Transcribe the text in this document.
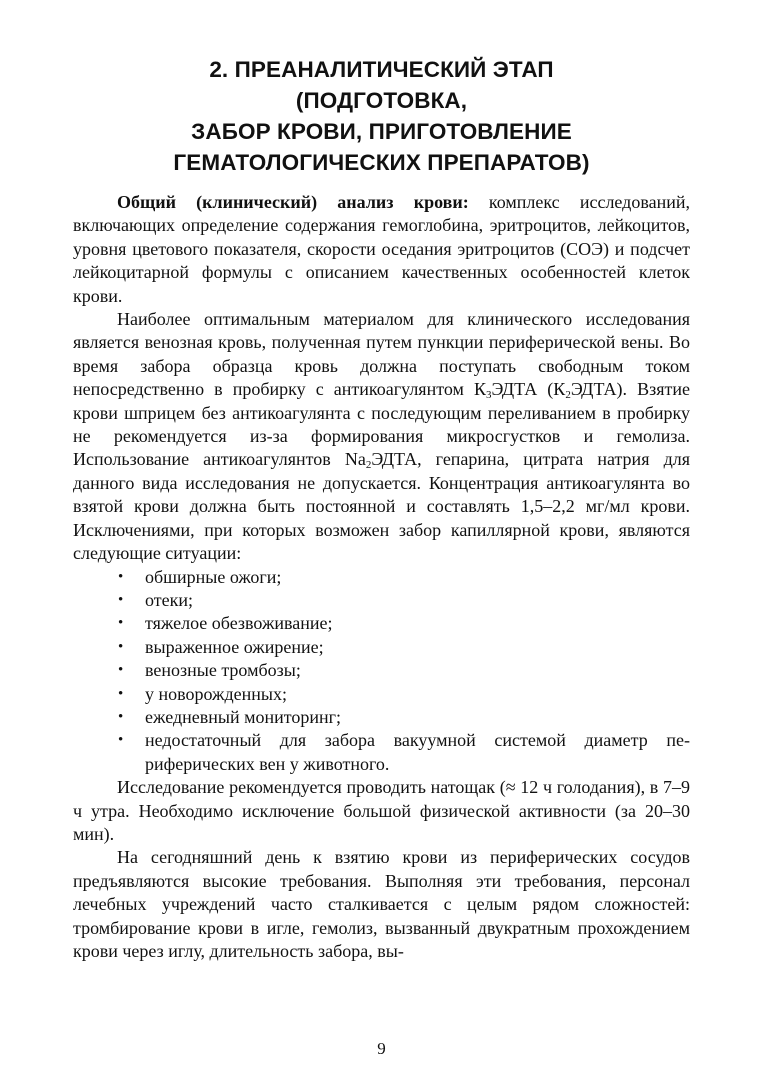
2. ПРЕАНАЛИТИЧЕСКИЙ ЭТАП
(ПОДГОТОВКА,
ЗАБОР КРОВИ, ПРИГОТОВЛЕНИЕ
ГЕМАТОЛОГИЧЕСКИХ ПРЕПАРАТОВ)

Общий (клинический) анализ крови: комплекс исследований, включающих определение содержания гемоглобина, эритроцитов, лейкоцитов, уровня цветового показателя, скорости оседания эритроцитов (СОЭ) и подсчет лейкоцитарной формулы с описанием качественных особенностей клеток крови.

Наиболее оптимальным материалом для клинического исследования является венозная кровь, полученная путем пункции периферической вены. Во время забора образца кровь должна поступать свободным током непосредственно в пробирку с антикоагулянтом $К_3ЭДТА$ $(К_2ЭДТА)$. Взятие крови шприцем без антикоагулянта с последующим переливанием в пробирку не рекомендуется из-за формирования микросгустков и гемолиза. Использование антикоагулянтов $Na_2ЭДТА$, гепарина, цитрата натрия для данного вида исследования не допускается. Концентрация антикоагулянта во взятой крови должна быть постоянной и составлять 1,5–2,2 мг/мл крови. Исключениями, при которых возможен забор капиллярной крови, являются следующие ситуации:

• обширные ожоги;
• отеки;
• тяжелое обезвоживание;
• выраженное ожирение;
• венозные тромбозы;
• у новорожденных;
• ежедневный мониторинг;
• недостаточный для забора вакуумной системой диаметр периферических вен у животного.

Исследование рекомендуется проводить натощак (≈ 12 ч голодания), в 7–9 ч утра. Необходимо исключение большой физической активности (за 20–30 мин).

На сегодняшний день к взятию крови из периферических сосудов предъявляются высокие требования. Выполняя эти требования, персонал лечебных учреждений часто сталкивается с целым рядом сложностей: тромбирование крови в игле, гемолиз, вызванный двукратным прохождением крови через иглу, длительность забора, вы-

9
